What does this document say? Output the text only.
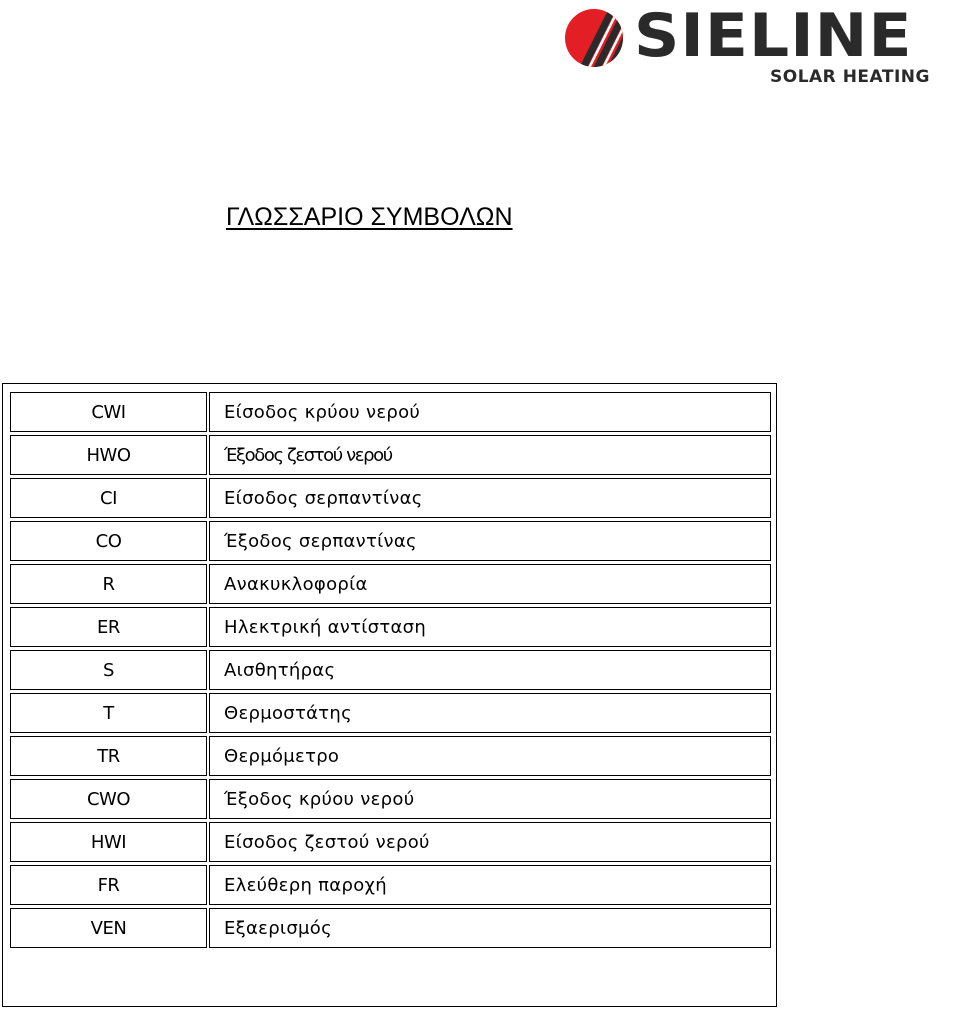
SIELINE
SOLAR HEATING
ΓΛΩΣΣΑΡΙΟ ΣΥΜΒΟΛΩΝ
CWI	Είσοδος κρύου νερού
HWO	Έξοδος ζεστού νερού
CI	Είσοδος σερπαντίνας
CO	Έξοδος σερπαντίνας
R	Ανακυκλοφορία
ER	Ηλεκτρική αντίσταση
S	Αισθητήρας
T	Θερμοστάτης
TR	Θερμόμετρο
CWO	Έξοδος κρύου νερού
HWI	Είσοδος ζεστού νερού
FR	Ελεύθερη παροχή
VEN	Εξαερισμός
